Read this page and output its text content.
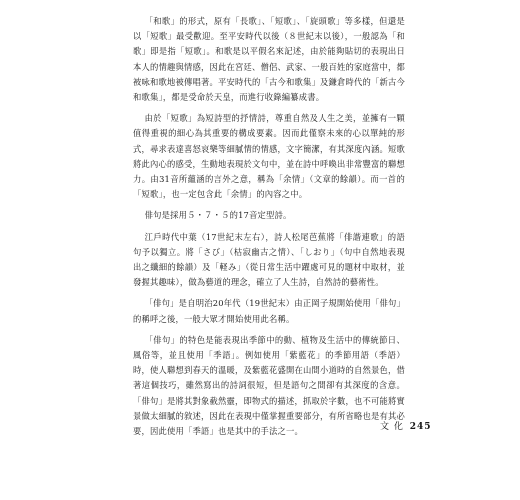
「和歌」的形式，原有「長歌」、「短歌」、「旋頭歌」等多樣，但還是以「短歌」最受歡迎。至平安時代以後（８世紀末以後），一般認為「和歌」即是指「短歌」。和歌是以平假名來記述，由於能夠貼切的表現出日本人的情趣與情感，因此在宮廷、僧侶、武家、一般百姓的家庭當中，都被咏和歌地被傳唱著。平安時代的「古今和歌集」及鎌倉時代的「新古今和歌集」，都是受命於天皇，而進行收錄編纂成書。

由於「短歌」為短詩型的抒情詩，尊重自然及人生之美，並擁有一顆值得重視的細心為其重要的構成要素。因而此僅察未來的心以單純的形式，尋求表達喜怒哀樂等細膩情的情感，文字簡潔，有其深度內涵。短歌將此內心的感受，生動地表現於文句中，並在詩中呼喚出非常豐富的聯想力。由31音所蘊涵的言外之意，稱為「余情」（文章的餘韻）。而一首的「短歌」，也一定包含此「余情」的內容之中。

俳句是採用５・７・５的17音定型詩。

江戶時代中葉（17世紀末左右），詩人松尾芭蕉將「俳諧連歌」的語句予以獨立。將「さび」（枯寂幽古之情）、「しおり」（句中自然地表現出之纖細的餘韻）及「軽み」（從日常生活中躍處可見的題材中取材，並發握其趣味），做為藝道的理念，確立了人生詩，自然詩的藝術性。

「俳句」是自明治20年代（19世紀末）由正岡子規開始使用「俳句」的稱呼之後，一般大眾才開始使用此名稱。

「俳句」的特色是能表現出季節中的動、植物及生活中的傳統節日、風俗等，並且使用「季語」。例如使用「紫藍花」的季節用語（季語）時，使人聯想到春天的溫暖，及紫藍花盛開在山間小道時的自然景色，借著這個技巧，雖然寫出的詩詞很短，但是語句之間卻有其深度的含意。「俳句」是將其對象截然靈，即物式的描述，抓取於字數，也不可能將實景做太細膩的敘述，因此在表現中僅掌握重要部分，有所省略也是有其必要，因此使用「季語」也是其中的手法之一。	文 化 245
